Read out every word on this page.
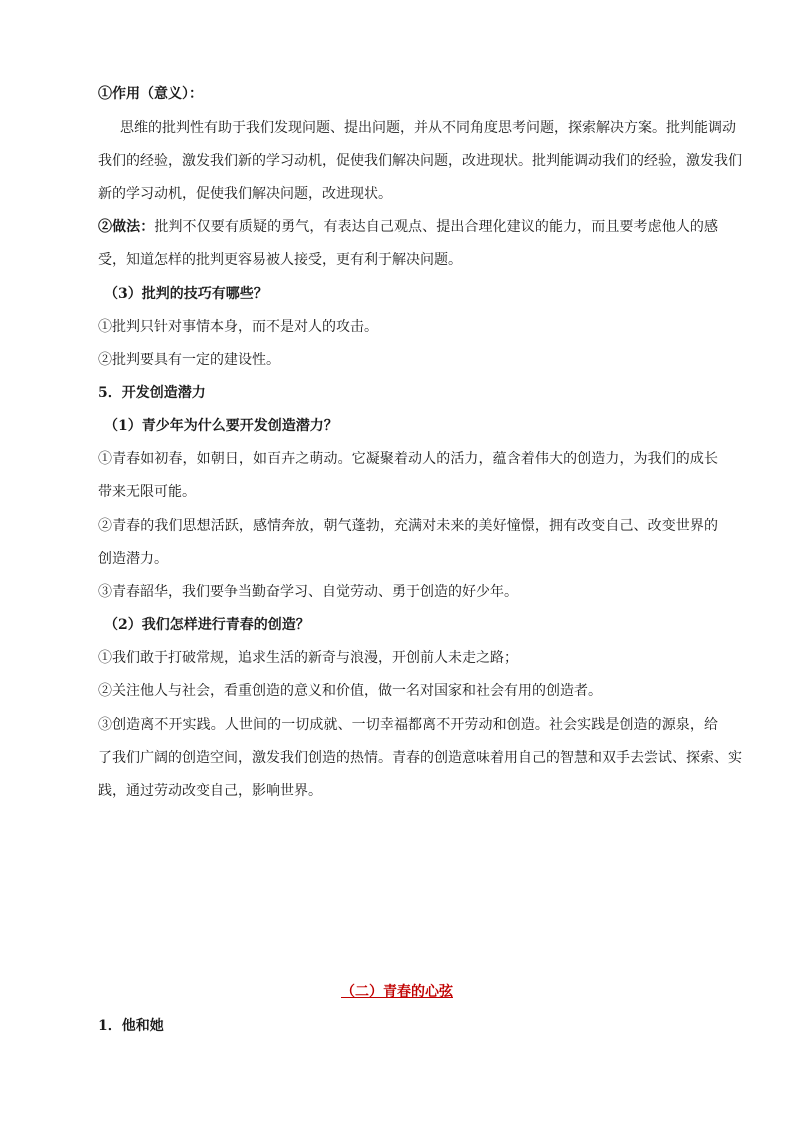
①作用（意义）：
思维的批判性有助于我们发现问题、提出问题，并从不同角度思考问题，探索解决方案。批判能调动
我们的经验，激发我们新的学习动机，促使我们解决问题，改进现状。批判能调动我们的经验，激发我们
新的学习动机，促使我们解决问题，改进现状。
②做法：批判不仅要有质疑的勇气，有表达自己观点、提出合理化建议的能力，而且要考虑他人的感
受，知道怎样的批判更容易被人接受，更有利于解决问题。
（3）批判的技巧有哪些？
①批判只针对事情本身，而不是对人的攻击。
②批判要具有一定的建设性。
5．开发创造潜力
（1）青少年为什么要开发创造潜力？
①青春如初春，如朝日，如百卉之萌动。它凝聚着动人的活力，蕴含着伟大的创造力，为我们的成长
带来无限可能。
②青春的我们思想活跃，感情奔放，朝气蓬勃，充满对未来的美好憧憬，拥有改变自己、改变世界的
创造潜力。
③青春韶华，我们要争当勤奋学习、自觉劳动、勇于创造的好少年。
（2）我们怎样进行青春的创造？
①我们敢于打破常规，追求生活的新奇与浪漫，开创前人未走之路；
②关注他人与社会，看重创造的意义和价值，做一名对国家和社会有用的创造者。
③创造离不开实践。人世间的一切成就、一切幸福都离不开劳动和创造。社会实践是创造的源泉，给
了我们广阔的创造空间，激发我们创造的热情。青春的创造意味着用自己的智慧和双手去尝试、探索、实
践，通过劳动改变自己，影响世界。
（二）青春的心弦
1．他和她
